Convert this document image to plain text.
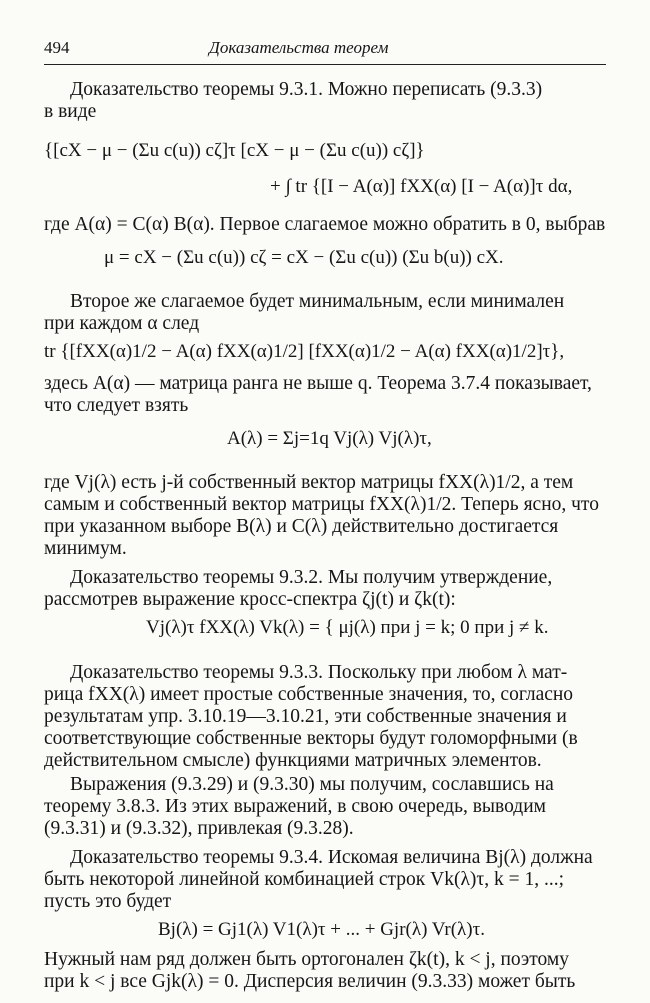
494	Доказательства теорем
Доказательство теоремы 9.3.1. Можно переписать (9.3.3)
в виде
{[cX − μ − (Σu c(u)) cζ]τ [cX − μ − (Σu c(u)) cζ]}
+ ∫ tr {[I − A(α)] fXX(α) [I − A(α)]τ dα,
где A(α) = C(α) B(α). Первое слагаемое можно обратить в 0, выбрав
μ = cX − (Σu c(u)) cζ = cX − (Σu c(u)) (Σu b(u)) cX.
Второе же слагаемое будет минимальным, если минимален
при каждом α след
tr {[fXX(α)1/2 − A(α) fXX(α)1/2] [fXX(α)1/2 − A(α) fXX(α)1/2]τ},
здесь A(α) — матрица ранга не выше q. Теорема 3.7.4 показывает,
что следует взять
A(λ) = Σj=1q Vj(λ) Vj(λ)τ,
где Vj(λ) есть j-й собственный вектор матрицы fXX(λ)1/2, а тем
самым и собственный вектор матрицы fXX(λ)1/2. Теперь ясно, что
при указанном выборе B(λ) и C(λ) действительно достигается
минимум.
Доказательство теоремы 9.3.2. Мы получим утверждение,
рассмотрев выражение кросс-спектра ζj(t) и ζk(t):
Vj(λ)τ fXX(λ) Vk(λ) = { μj(λ) при j = k; 0 при j ≠ k.
Доказательство теоремы 9.3.3. Поскольку при любом λ мат-
рица fXX(λ) имеет простые собственные значения, то, согласно
результатам упр. 3.10.19—3.10.21, эти собственные значения и
соответствующие собственные векторы будут голоморфными (в
действительном смысле) функциями матричных элементов.
Выражения (9.3.29) и (9.3.30) мы получим, сославшись на
теорему 3.8.3. Из этих выражений, в свою очередь, выводим
(9.3.31) и (9.3.32), привлекая (9.3.28).
Доказательство теоремы 9.3.4. Искомая величина Bj(λ) должна
быть некоторой линейной комбинацией строк Vk(λ)τ, k = 1, ...;
пусть это будет
Bj(λ) = Gj1(λ) V1(λ)τ + ... + Gjr(λ) Vr(λ)τ.
Нужный нам ряд должен быть ортогонален ζk(t), k < j, поэтому
при k < j все Gjk(λ) = 0. Дисперсия величин (9.3.33) может быть
